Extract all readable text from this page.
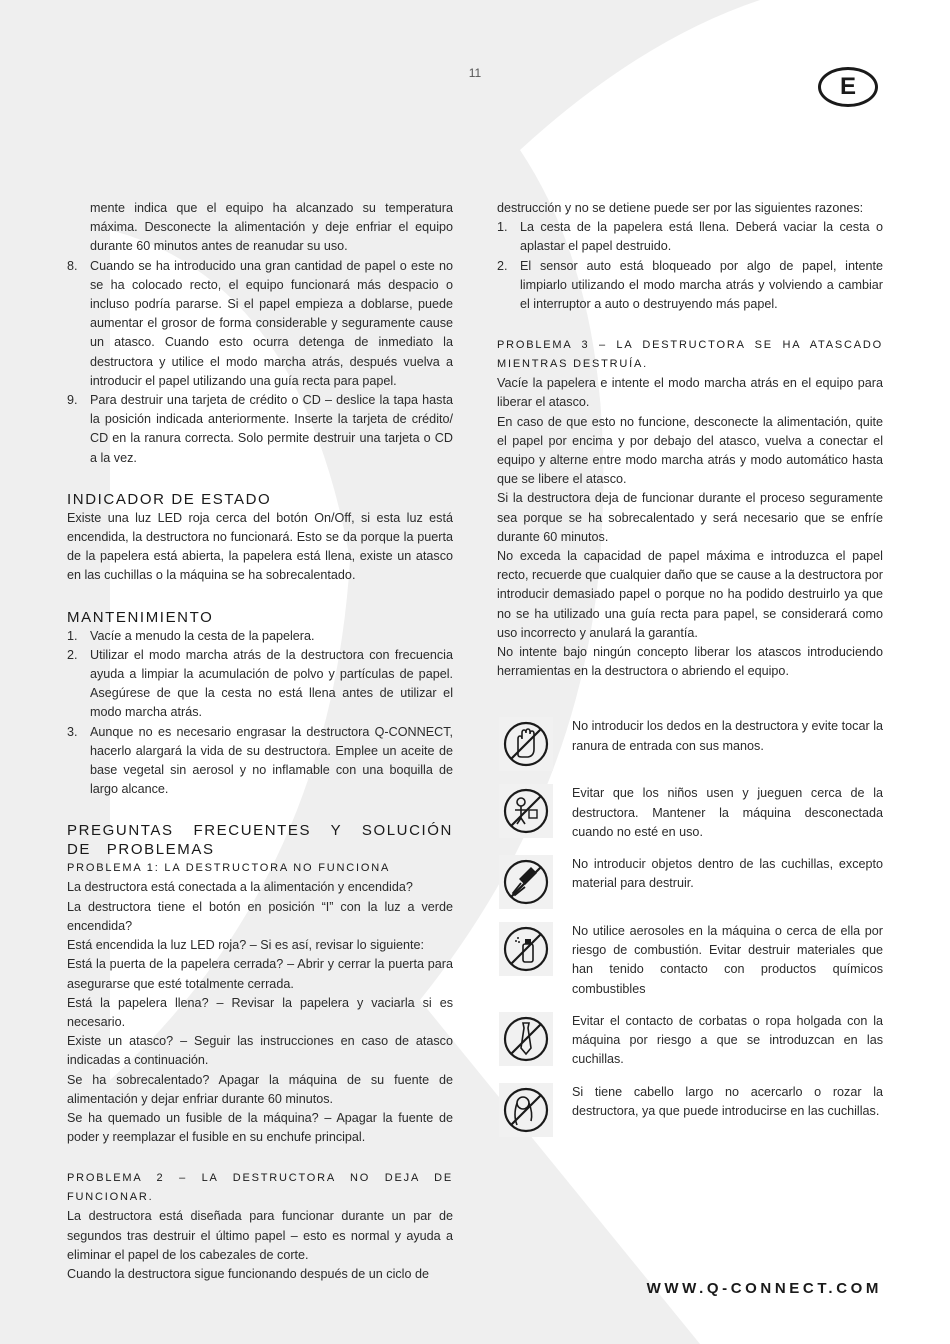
11	E

mente indica que el equipo ha alcanzado su temperatura máxima. Desconecte la alimentación y deje enfriar el equipo durante 60 minutos antes de reanudar su uso.

8. Cuando se ha introducido una gran cantidad de papel o este no se ha colocado recto, el equipo funcionará más despacio o incluso podría pararse. Si el papel empieza a doblarse, puede aumentar el grosor de forma considerable y seguramente cause un atasco. Cuando esto ocurra detenga de inmediato la destructora y utilice el modo marcha atrás, después vuelva a introducir el papel utilizando una guía recta para papel.
9. Para destruir una tarjeta de crédito o CD – deslice la tapa hasta la posición indicada anteriormente. Inserte la tarjeta de crédito/ CD en la ranura correcta. Solo permite destruir una tarjeta o CD a la vez.
INDICADOR DE ESTADO

Existe una luz LED roja cerca del botón On/Off, si esta luz está encendida, la destructora no funcionará. Esto se da porque la puerta de la papelera está abierta, la papelera está llena, existe un atasco en las cuchillas o la máquina se ha sobrecalentado.

MANTENIMIENTO
1. Vacíe a menudo la cesta de la papelera.
2. Utilizar el modo marcha atrás de la destructora con frecuencia ayuda a limpiar la acumulación de polvo y partículas de papel. Asegúrese de que la cesta no está llena antes de utilizar el modo marcha atrás.
3. Aunque no es necesario engrasar la destructora Q-CONNECT, hacerlo alargará la vida de su destructora. Emplee un aceite de base vegetal sin aerosol y no inflamable con una boquilla de largo alcance.
PREGUNTAS FRECUENTES Y SOLUCIÓN DE PROBLEMAS
PROBLEMA 1: LA DESTRUCTORA NO FUNCIONA

La destructora está conectada a la alimentación y encendida?

La destructora tiene el botón en posición “I” con la luz a verde encendida?

Está encendida la luz LED roja? – Si es así, revisar lo siguiente:

Está la puerta de la papelera cerrada? – Abrir y cerrar la puerta para asegurarse que esté totalmente cerrada.

Está la papelera llena? – Revisar la papelera y vaciarla si es necesario.

Existe un atasco? – Seguir las instrucciones en caso de atasco indicadas a continuación.

Se ha sobrecalentado? Apagar la máquina de su fuente de alimentación y dejar enfriar durante 60 minutos.

Se ha quemado un fusible de la máquina? – Apagar la fuente de poder y reemplazar el fusible en su enchufe principal.

PROBLEMA 2 – LA DESTRUCTORA NO DEJA DE FUNCIONAR.

La destructora está diseñada para funcionar durante un par de segundos tras destruir el último papel – esto es normal y ayuda a eliminar el papel de los cabezales de corte.

Cuando la destructora sigue funcionando después de un ciclo de

destrucción y no se detiene puede ser por las siguientes razones:

1. La cesta de la papelera está llena. Deberá vaciar la cesta o aplastar el papel destruido.
2. El sensor auto está bloqueado por algo de papel, intente limpiarlo utilizando el modo marcha atrás y volviendo a cambiar el interruptor a auto o destruyendo más papel.
PROBLEMA 3 – LA DESTRUCTORA SE HA ATASCADO MIENTRAS DESTRUÍA.

Vacíe la papelera e intente el modo marcha atrás en el equipo para liberar el atasco.

En caso de que esto no funcione, desconecte la alimentación, quite el papel por encima y por debajo del atasco, vuelva a conectar el equipo y alterne entre modo marcha atrás y modo automático hasta que se libere el atasco.

Si la destructora deja de funcionar durante el proceso seguramente sea porque se ha sobrecalentado y será necesario que se enfríe durante 60 minutos.

No exceda la capacidad de papel máxima e introduzca el papel recto, recuerde que cualquier daño que se cause a la destructora por introducir demasiado papel o porque no ha podido destruirlo ya que no se ha utilizado una guía recta para papel, se considerará como uso incorrecto y anulará la garantía.

No intente bajo ningún concepto liberar los atascos introduciendo herramientas en la destructora o abriendo el equipo.

No introducir los dedos en la destructora y evite tocar la ranura de entrada con sus manos.
Evitar que los niños usen y jueguen cerca de la destructora. Mantener la máquina desconectada cuando no esté en uso.
No introducir objetos dentro de las cuchillas, excepto material para destruir.
No utilice aerosoles en la máquina o cerca de ella por riesgo de combustión. Evitar destruir materiales que han tenido contacto con productos químicos combustibles
Evitar el contacto de corbatas o ropa holgada con la máquina por riesgo a que se introduzcan en las cuchillas.
Si tiene cabello largo no acercarlo o rozar la destructora, ya que puede introducirse en las cuchillas.
WWW.Q-CONNECT.COM
